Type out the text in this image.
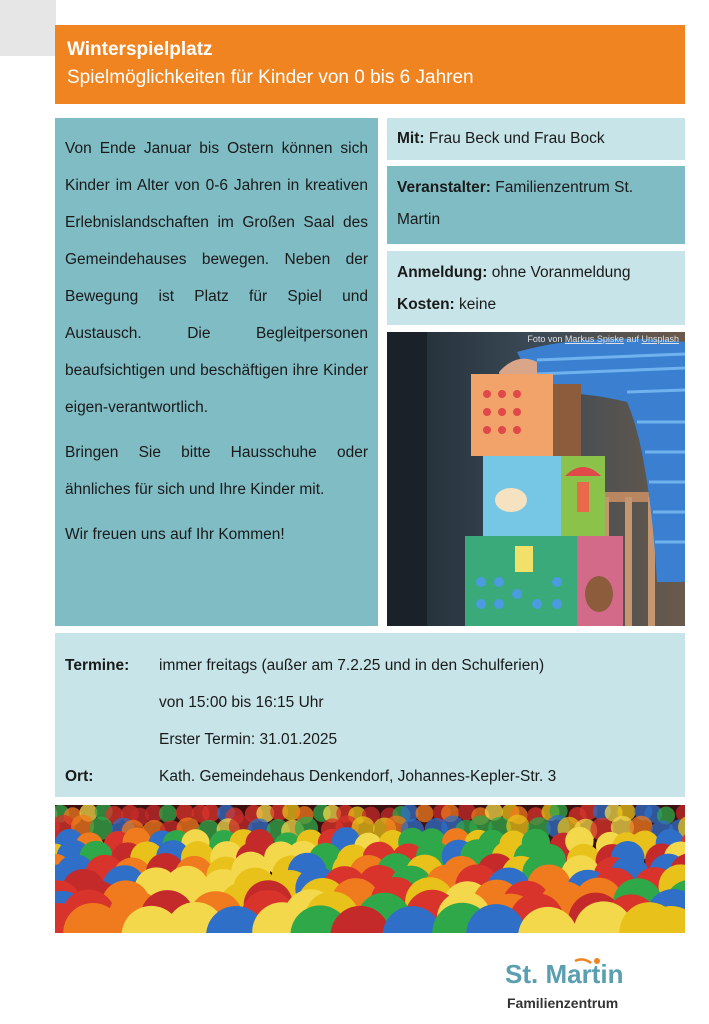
Winterspielplatz
Spielmöglichkeiten für Kinder von 0 bis 6 Jahren

Von Ende Januar bis Ostern können sich Kinder im Alter von 0-6 Jahren in kreativen Erlebnislandschaften im Großen Saal des Gemeindehauses bewegen. Neben der Bewegung ist Platz für Spiel und Austausch. Die Begleitpersonen beaufsichtigen und beschäftigen ihre Kinder eigen-verantwortlich.

Bringen Sie bitte Hausschuhe oder ähnliches für sich und Ihre Kinder mit.

Wir freuen uns auf Ihr Kommen!

Mit: Frau Beck und Frau Bock
Veranstalter: Familienzentrum St. Martin
Anmeldung: ohne Voranmeldung
Kosten: keine
Foto von Markus Spiske auf Unsplash
Termine:	immer freitags (außer am 7.2.25 und in den Schulferien)
von 15:00 bis 16:15 Uhr
Erster Termin: 31.01.2025
Ort:	Kath. Gemeindehaus Denkendorf, Johannes-Kepler-Str. 3
St. Martin
Familienzentrum
